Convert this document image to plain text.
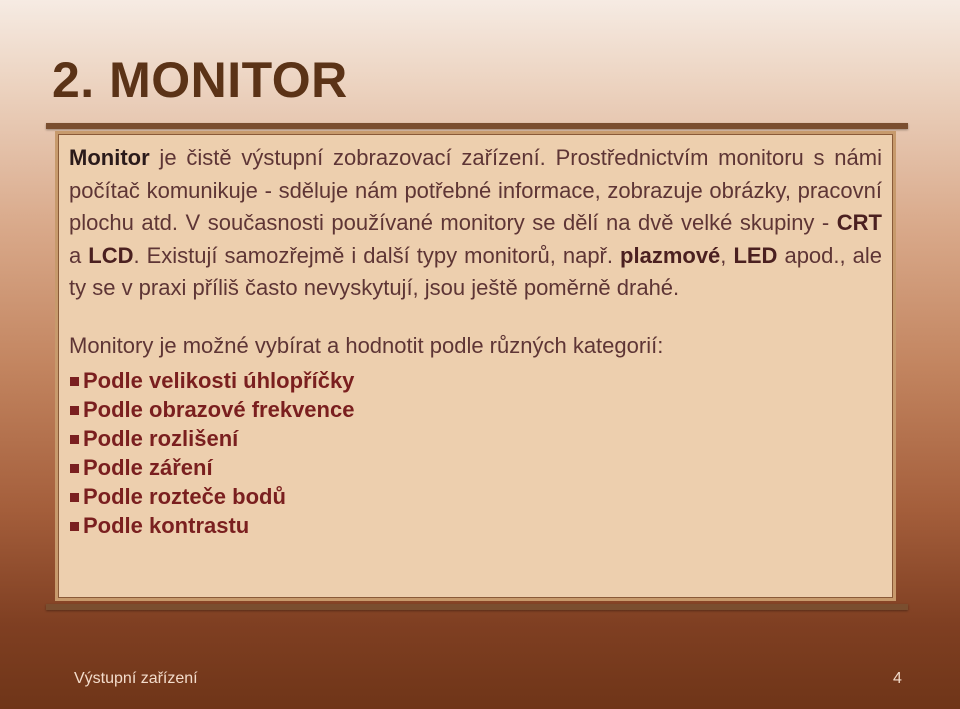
2. MONITOR

Monitor je čistě výstupní zobrazovací zařízení. Prostřednictvím monitoru s námi počítač komunikuje - sděluje nám potřebné informace, zobrazuje obrázky, pracovní plochu atd. V současnosti používané monitory se dělí na dvě velké skupiny - CRT a LCD. Existují samozřejmě i další typy monitorů, např. plazmové, LED apod., ale ty se v praxi příliš často nevyskytují, jsou ještě poměrně drahé.

Monitory je možné vybírat a hodnotit podle různých kategorií:

Podle velikosti úhlopříčky
Podle obrazové frekvence
Podle rozlišení
Podle záření
Podle rozteče bodů
Podle kontrastu
Výstupní zařízení	4
